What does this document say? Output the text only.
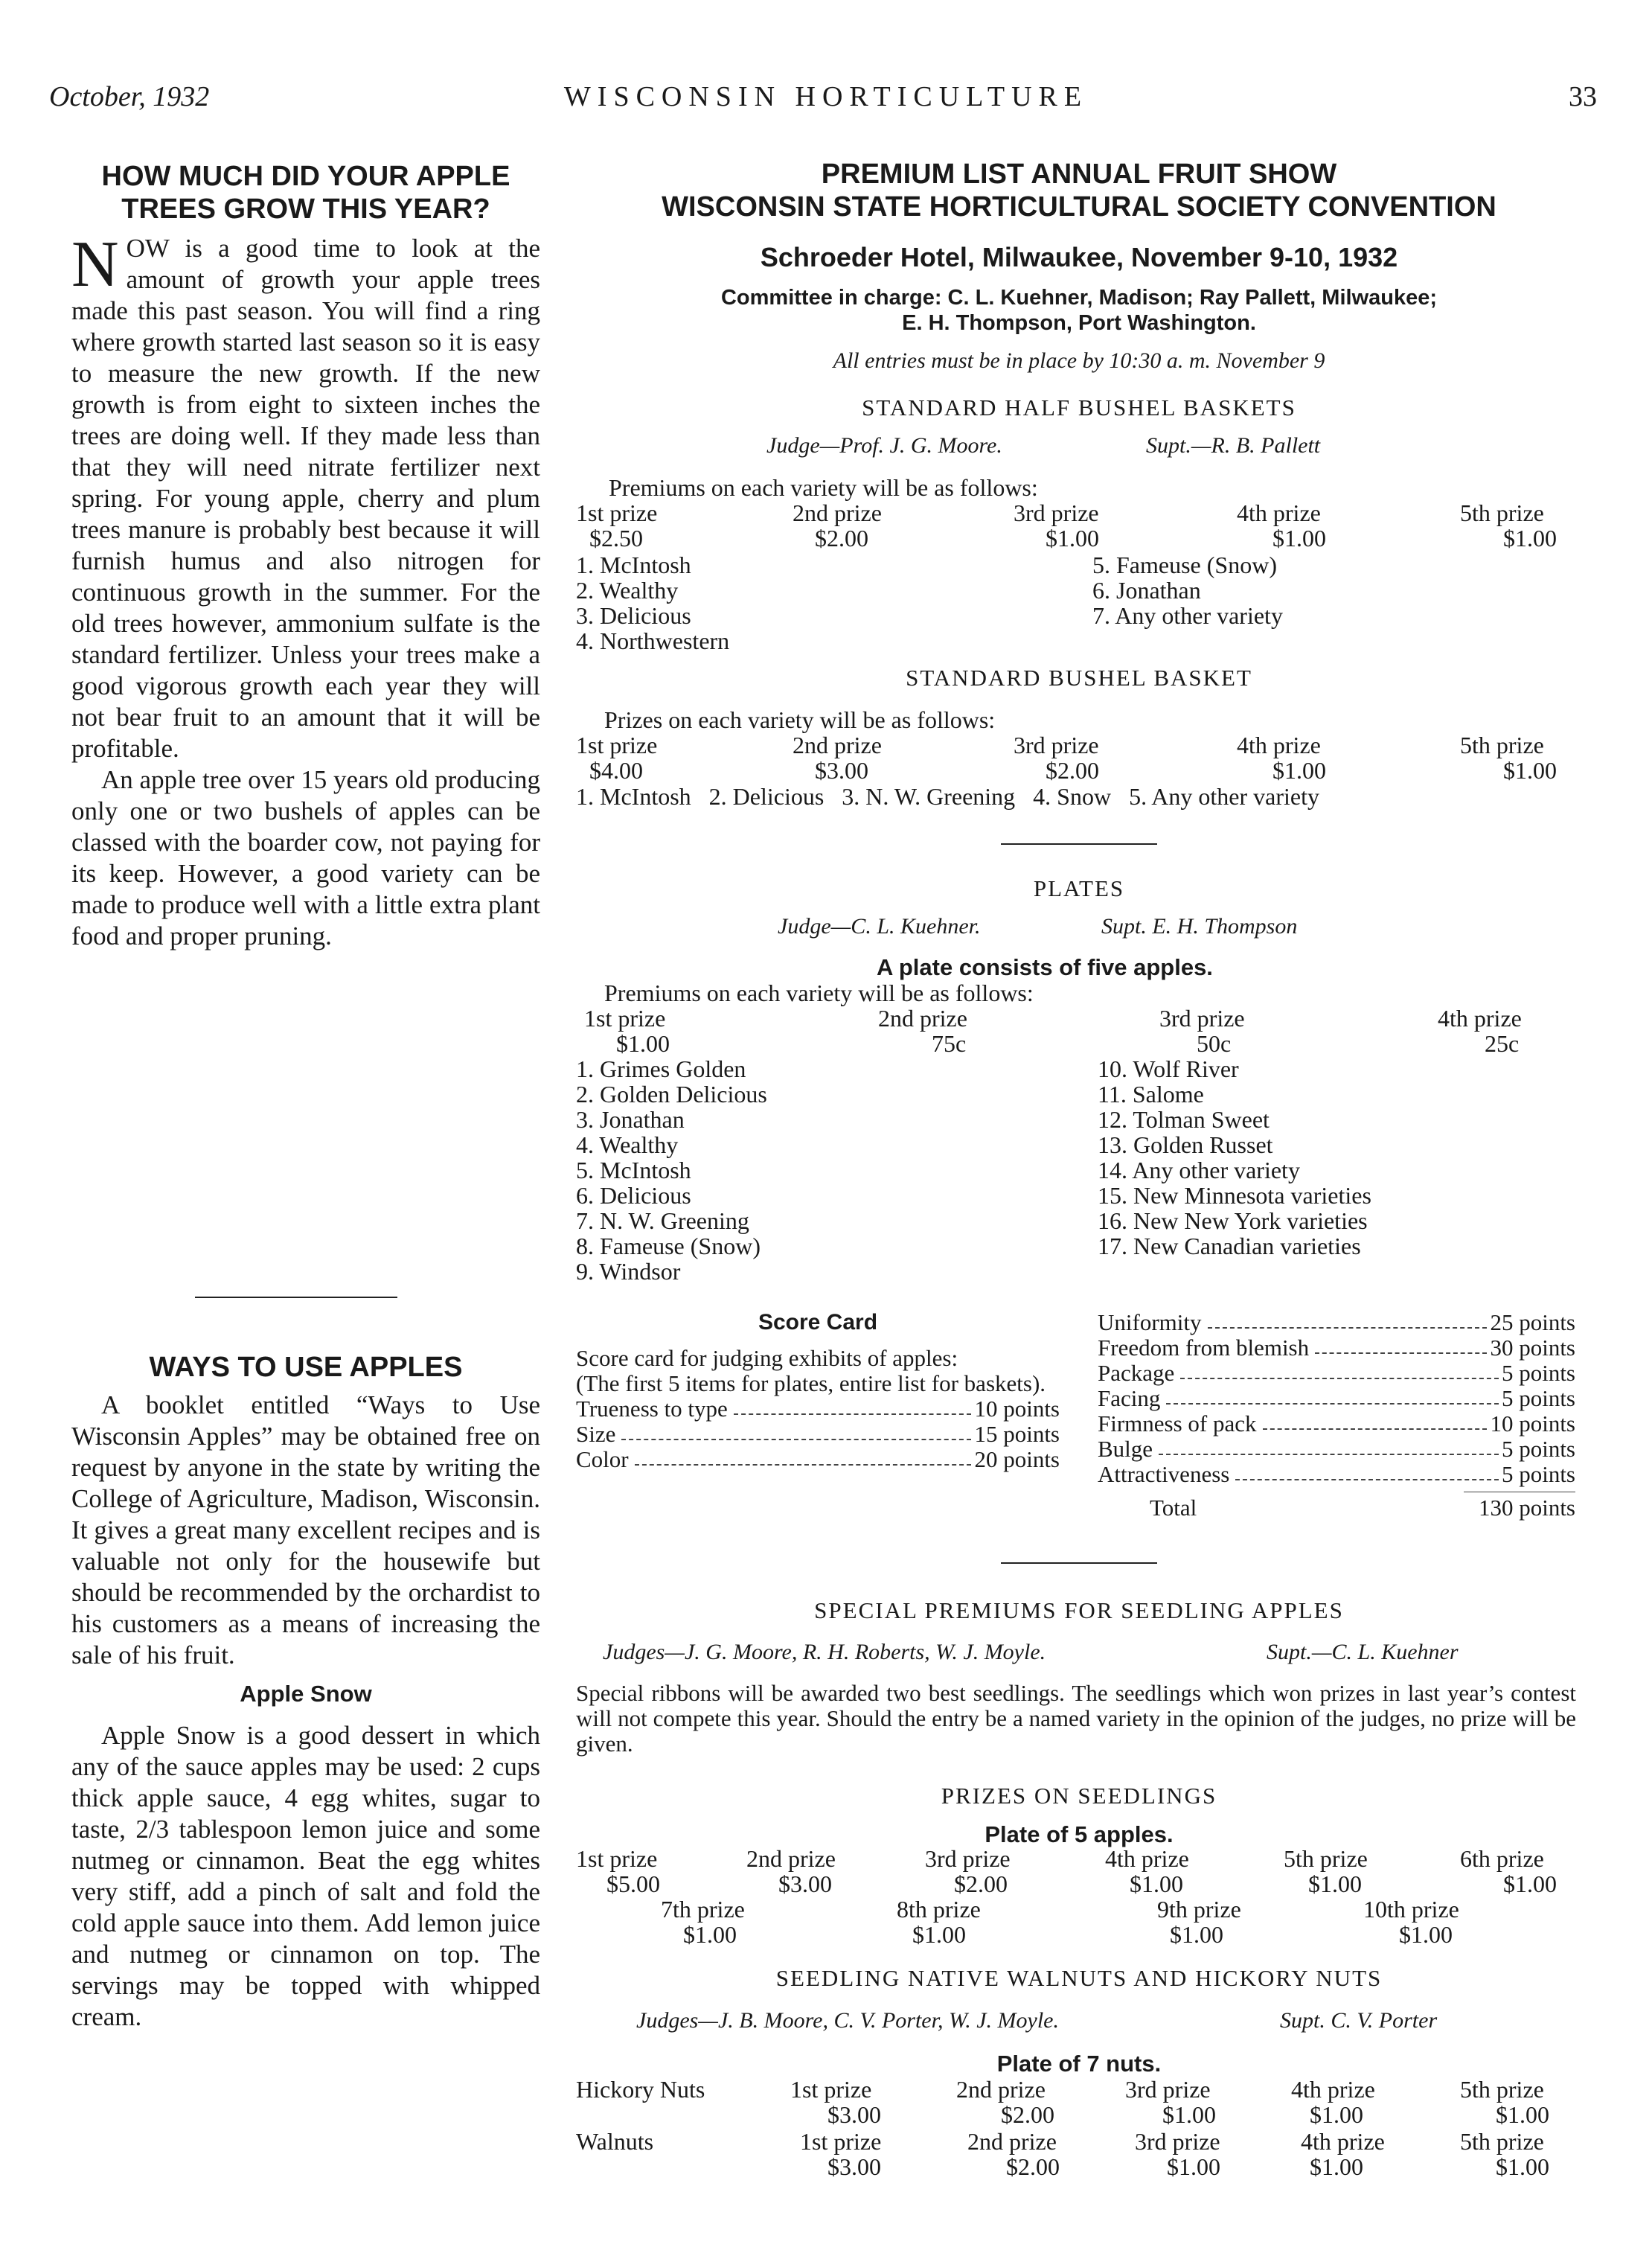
October, 1932	WISCONSIN HORTICULTURE	33
HOW MUCH DID YOUR APPLE TREES GROW THIS YEAR?

NOW is a good time to look at the amount of growth your apple trees made this past season. You will find a ring where growth started last season so it is easy to measure the new growth. If the new growth is from eight to sixteen inches the trees are doing well. If they made less than that they will need nitrate fertilizer next spring. For young apple, cherry and plum trees manure is probably best because it will furnish humus and also nitrogen for continuous growth in the summer. For the old trees however, ammonium sulfate is the standard fertilizer. Unless your trees make a good vigorous growth each year they will not bear fruit to an amount that it will be profitable.

An apple tree over 15 years old producing only one or two bushels of apples can be classed with the boarder cow, not paying for its keep. However, a good variety can be made to produce well with a little extra plant food and proper pruning.

WAYS TO USE APPLES

A booklet entitled “Ways to Use Wisconsin Apples” may be obtained free on request by anyone in the state by writing the College of Agriculture, Madison, Wisconsin. It gives a great many excellent recipes and is valuable not only for the housewife but should be recommended by the orchardist to his customers as a means of increasing the sale of his fruit.

Apple Snow

Apple Snow is a good dessert in which any of the sauce apples may be used: 2 cups thick apple sauce, 4 egg whites, sugar to taste, 2/3 tablespoon lemon juice and some nutmeg or cinnamon. Beat the egg whites very stiff, add a pinch of salt and fold the cold apple sauce into them. Add lemon juice and nutmeg or cinnamon on top. The servings may be topped with whipped cream.

PREMIUM LIST ANNUAL FRUIT SHOW
WISCONSIN STATE HORTICULTURAL SOCIETY CONVENTION
Schroeder Hotel, Milwaukee, November 9-10, 1932
Committee in charge: C. L. Kuehner, Madison; Ray Pallett, Milwaukee;
E. H. Thompson, Port Washington.
All entries must be in place by 10:30 a. m. November 9
STANDARD HALF BUSHEL BASKETS
Judge—Prof. J. G. Moore.	Supt.—R. B. Pallett
Premiums on each variety will be as follows:
1st prize	2nd prize	3rd prize	4th prize	5th prize
$2.50	$2.00	$1.00	$1.00	$1.00
1. McIntosh
2. Wealthy
3. Delicious
4. Northwestern
5. Fameuse (Snow)
6. Jonathan
7. Any other variety
STANDARD BUSHEL BASKET
Prizes on each variety will be as follows:
1st prize	2nd prize	3rd prize	4th prize	5th prize
$4.00	$3.00	$2.00	$1.00	$1.00
1. McIntosh   2. Delicious   3. N. W. Greening   4. Snow   5. Any other variety
PLATES
Judge—C. L. Kuehner.	Supt. E. H. Thompson
A plate consists of five apples.
Premiums on each variety will be as follows:
1st prize	2nd prize	3rd prize	4th prize
$1.00	75c	50c	25c
1. Grimes Golden
2. Golden Delicious
3. Jonathan
4. Wealthy
5. McIntosh
6. Delicious
7. N. W. Greening
8. Fameuse (Snow)
9. Windsor
10. Wolf River
11. Salome
12. Tolman Sweet
13. Golden Russet
14. Any other variety
15. New Minnesota varieties
16. New New York varieties
17. New Canadian varieties
Score Card
Score card for judging exhibits of apples:
(The first 5 items for plates, entire list for baskets).
Trueness to type	10 points
Size	15 points
Color	20 points
Uniformity	25 points
Freedom from blemish	30 points
Package	5 points
Facing	5 points
Firmness of pack	10 points
Bulge	5 points
Attractiveness	5 points
Total	130 points
SPECIAL PREMIUMS FOR SEEDLING APPLES
Judges—J. G. Moore, R. H. Roberts, W. J. Moyle.	Supt.—C. L. Kuehner
Special ribbons will be awarded two best seedlings. The seedlings which won prizes in last year’s contest will not compete this year. Should the entry be a named variety in the opinion of the judges, no prize will be given.
PRIZES ON SEEDLINGS
Plate of 5 apples.
1st prize	2nd prize	3rd prize	4th prize	5th prize	6th prize
$5.00	$3.00	$2.00	$1.00	$1.00	$1.00
7th prize	8th prize	9th prize	10th prize
$1.00	$1.00	$1.00	$1.00
SEEDLING NATIVE WALNUTS AND HICKORY NUTS
Judges—J. B. Moore, C. V. Porter, W. J. Moyle.	Supt. C. V. Porter
Plate of 7 nuts.
Hickory Nuts	1st prize	2nd prize	3rd prize	4th prize	5th prize
$3.00	$2.00	$1.00	$1.00	$1.00
Walnuts	1st prize	2nd prize	3rd prize	4th prize	5th prize
$3.00	$2.00	$1.00	$1.00	$1.00
